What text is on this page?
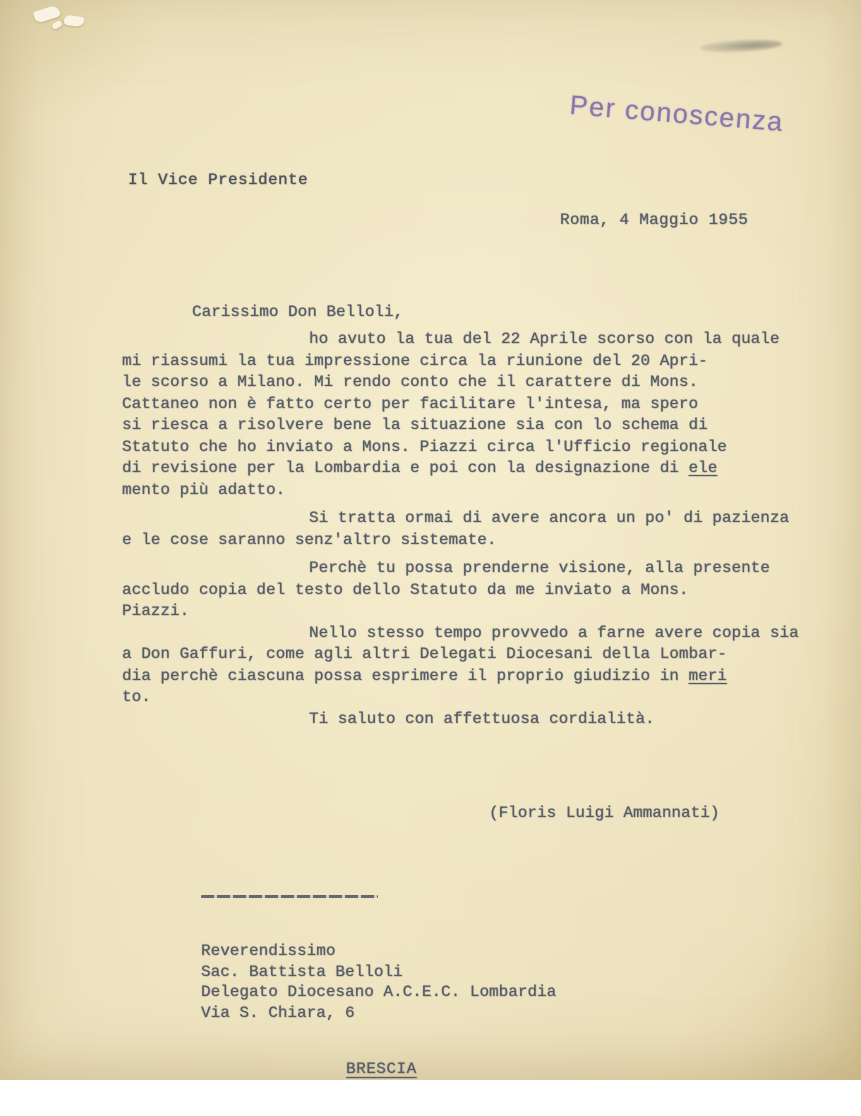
Per conoscenza
Il Vice Presidente
Roma, 4 Maggio 1955
Carissimo Don Belloli,
ho avuto la tua del 22 Aprile scorso con la quale
mi riassumi la tua impressione circa la riunione del 20 Apri-
le scorso a Milano. Mi rendo conto che il carattere di Mons.
Cattaneo non è fatto certo per facilitare l'intesa, ma spero
si riesca a risolvere bene la situazione sia con lo schema di
Statuto che ho inviato a Mons. Piazzi circa l'Ufficio regionale
di revisione per la Lombardia e poi con la designazione di ele
mento più adatto.
Si tratta ormai di avere ancora un po' di pazienza
e le cose saranno senz'altro sistemate.
Perchè tu possa prenderne visione, alla presente
accludo copia del testo dello Statuto da me inviato a Mons.
Piazzi.
Nello stesso tempo provvedo a farne avere copia sia
a Don Gaffuri, come agli altri Delegati Diocesani della Lombar-
dia perchè ciascuna possa esprimere il proprio giudizio in meri
to.
Ti saluto con affettuosa cordialità.
(Floris Luigi Ammannati)

Reverendissimo
Sac. Battista Belloli
Delegato Diocesano A.C.E.C. Lombardia
Via S. Chiara, 6

BRESCIA
